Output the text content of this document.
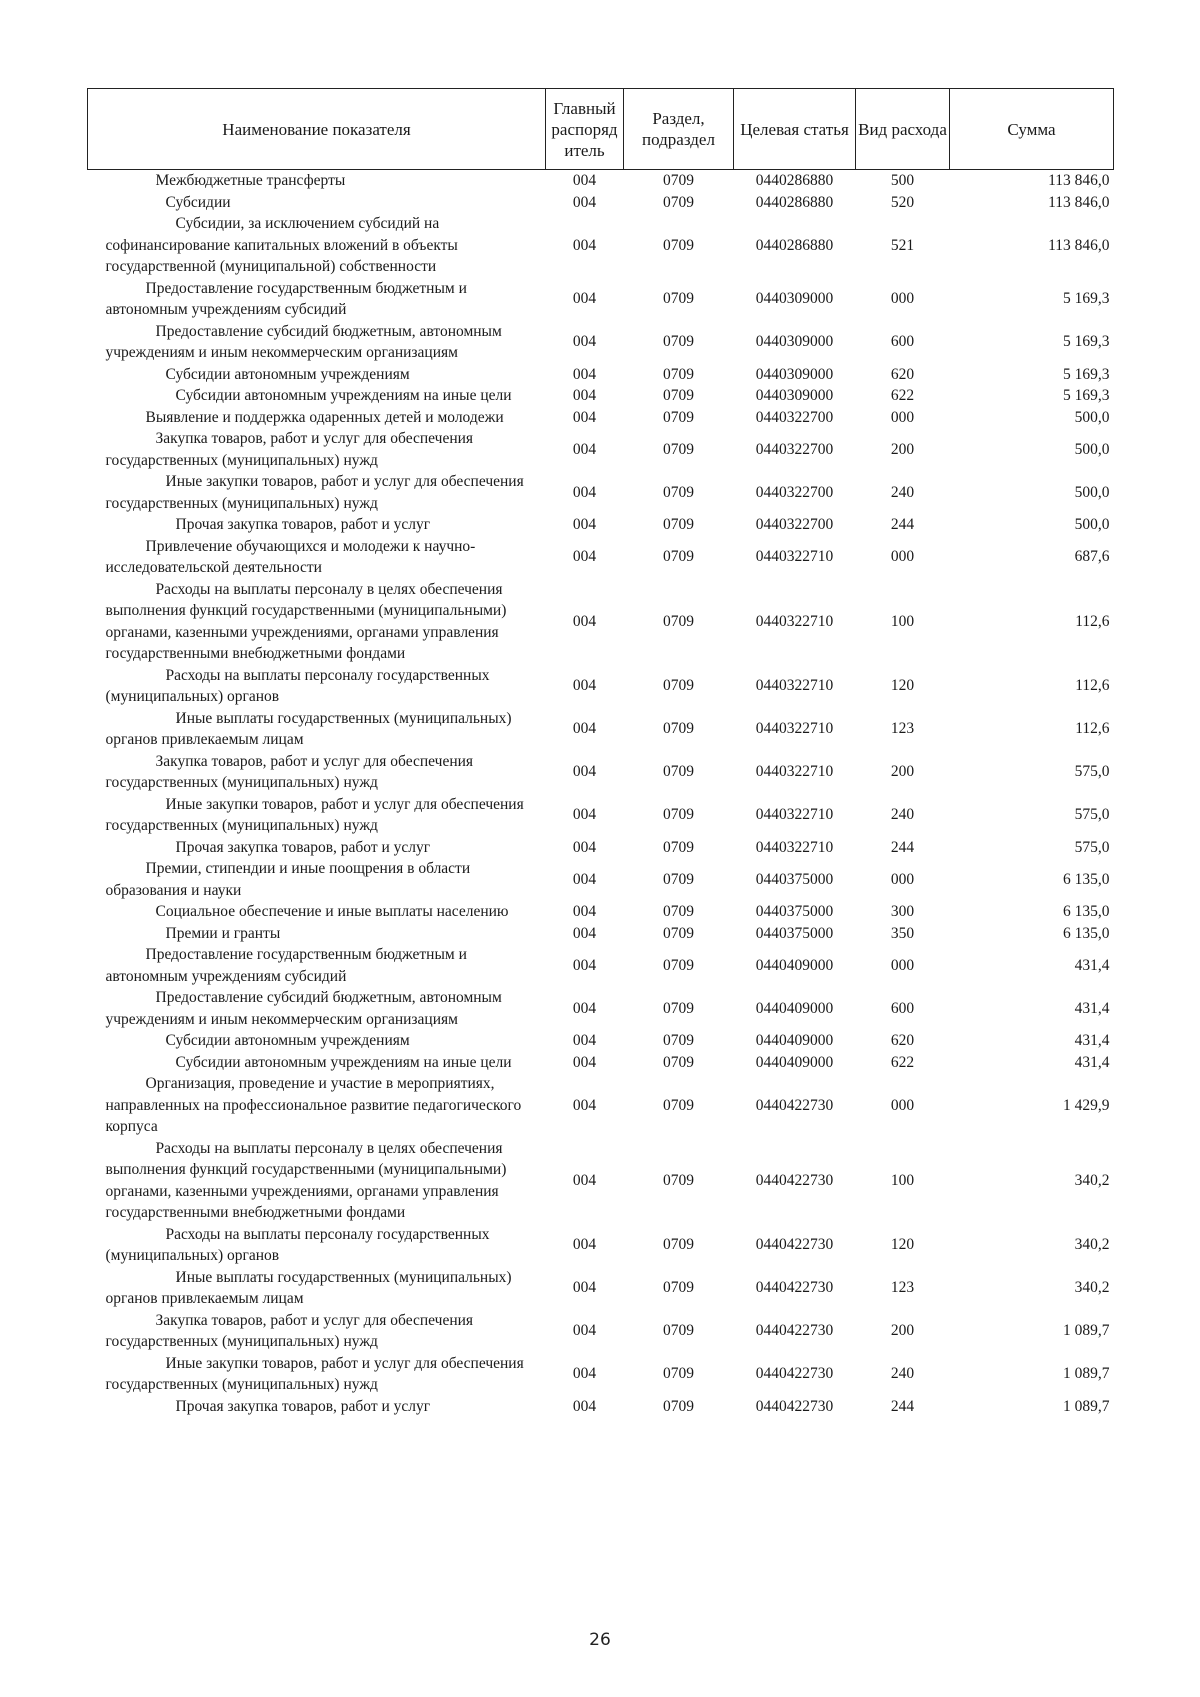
Наименование показателя	Главный распоряд итель	Раздел, подраздел	Целевая статья	Вид расхода	Сумма
Межбюджетные трансферты	004	0709	0440286880	500	113 846,0
Субсидии	004	0709	0440286880	520	113 846,0
Субсидии, за исключением субсидий на софинансирование капитальных вложений в объекты государственной (муниципальной) собственности	004	0709	0440286880	521	113 846,0
Предоставление государственным бюджетным и автономным учреждениям субсидий	004	0709	0440309000	000	5 169,3
Предоставление субсидий бюджетным, автономным учреждениям и иным некоммерческим организациям	004	0709	0440309000	600	5 169,3
Субсидии автономным учреждениям	004	0709	0440309000	620	5 169,3
Субсидии автономным учреждениям на иные цели	004	0709	0440309000	622	5 169,3
Выявление и поддержка одаренных детей и молодежи	004	0709	0440322700	000	500,0
Закупка товаров, работ и услуг для обеспечения государственных (муниципальных) нужд	004	0709	0440322700	200	500,0
Иные закупки товаров, работ и услуг для обеспечения государственных (муниципальных) нужд	004	0709	0440322700	240	500,0
Прочая закупка товаров, работ и услуг	004	0709	0440322700	244	500,0
Привлечение обучающихся и молодежи к научно-исследовательской деятельности	004	0709	0440322710	000	687,6
Расходы на выплаты персоналу в целях обеспечения выполнения функций государственными (муниципальными) органами, казенными учреждениями, органами управления государственными внебюджетными фондами	004	0709	0440322710	100	112,6
Расходы на выплаты персоналу государственных (муниципальных) органов	004	0709	0440322710	120	112,6
Иные выплаты государственных (муниципальных) органов привлекаемым лицам	004	0709	0440322710	123	112,6
Закупка товаров, работ и услуг для обеспечения государственных (муниципальных) нужд	004	0709	0440322710	200	575,0
Иные закупки товаров, работ и услуг для обеспечения государственных (муниципальных) нужд	004	0709	0440322710	240	575,0
Прочая закупка товаров, работ и услуг	004	0709	0440322710	244	575,0
Премии, стипендии и иные поощрения в области образования и науки	004	0709	0440375000	000	6 135,0
Социальное обеспечение и иные выплаты населению	004	0709	0440375000	300	6 135,0
Премии и гранты	004	0709	0440375000	350	6 135,0
Предоставление государственным бюджетным и автономным учреждениям субсидий	004	0709	0440409000	000	431,4
Предоставление субсидий бюджетным, автономным учреждениям и иным некоммерческим организациям	004	0709	0440409000	600	431,4
Субсидии автономным учреждениям	004	0709	0440409000	620	431,4
Субсидии автономным учреждениям на иные цели	004	0709	0440409000	622	431,4
Организация, проведение и участие в мероприятиях, направленных на профессиональное развитие педагогического корпуса	004	0709	0440422730	000	1 429,9
Расходы на выплаты персоналу в целях обеспечения выполнения функций государственными (муниципальными) органами, казенными учреждениями, органами управления государственными внебюджетными фондами	004	0709	0440422730	100	340,2
Расходы на выплаты персоналу государственных (муниципальных) органов	004	0709	0440422730	120	340,2
Иные выплаты государственных (муниципальных) органов привлекаемым лицам	004	0709	0440422730	123	340,2
Закупка товаров, работ и услуг для обеспечения государственных (муниципальных) нужд	004	0709	0440422730	200	1 089,7
Иные закупки товаров, работ и услуг для обеспечения государственных (муниципальных) нужд	004	0709	0440422730	240	1 089,7
Прочая закупка товаров, работ и услуг	004	0709	0440422730	244	1 089,7
26
